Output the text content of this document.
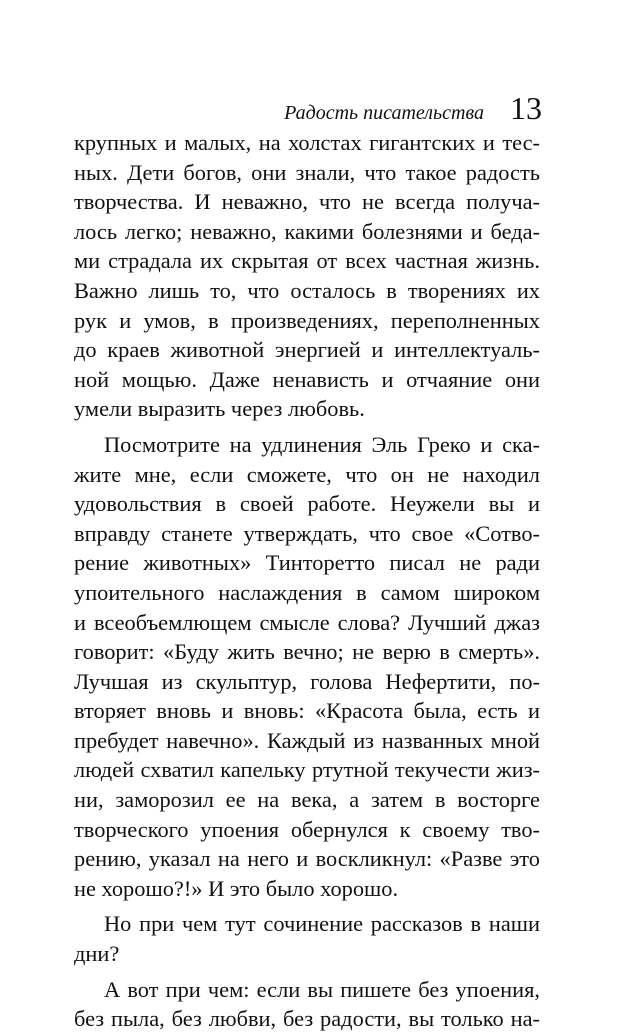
Радость писательства 13
крупных и малых, на холстах гигантских и тес-
ных. Дети богов, они знали, что такое радость
творчества. И неважно, что не всегда получа-
лось легко; неважно, какими болезнями и беда-
ми страдала их скрытая от всех частная жизнь.
Важно лишь то, что осталось в творениях их
рук и умов, в произведениях, переполненных
до краев животной энергией и интеллектуаль-
ной мощью. Даже ненависть и отчаяние они
умели выразить через любовь.
Посмотрите на удлинения Эль Греко и ска-
жите мне, если сможете, что он не находил
удовольствия в своей работе. Неужели вы и
вправду станете утверждать, что свое «Сотво-
рение животных» Тинторетто писал не ради
упоительного наслаждения в самом широком
и всеобъемлющем смысле слова? Лучший джаз
говорит: «Буду жить вечно; не верю в смерть».
Лучшая из скульптур, голова Нефертити, по-
вторяет вновь и вновь: «Красота была, есть и
пребудет навечно». Каждый из названных мной
людей схватил капельку ртутной текучести жиз-
ни, заморозил ее на века, а затем в восторге
творческого упоения обернулся к своему тво-
рению, указал на него и воскликнул: «Разве это
не хорошо?!» И это было хорошо.
Но при чем тут сочинение рассказов в наши
дни?
А вот при чем: если вы пишете без упоения,
без пыла, без любви, без радости, вы только на-
